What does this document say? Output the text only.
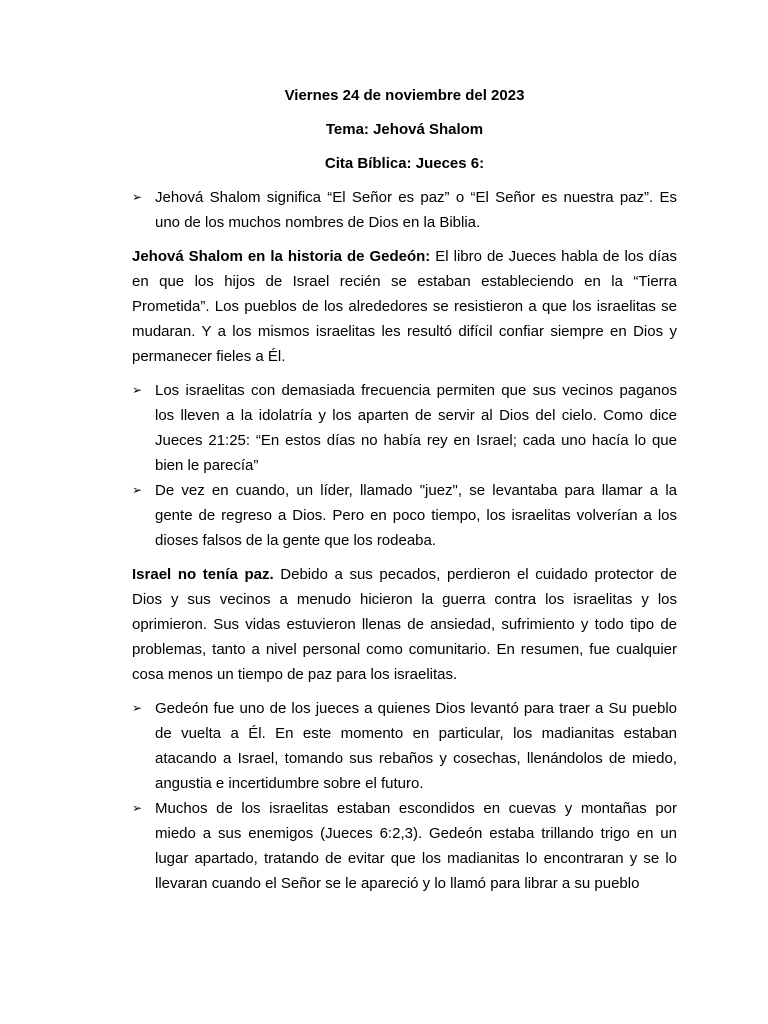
Viernes 24 de noviembre del 2023

Tema: Jehová Shalom

Cita Bíblica: Jueces 6:

➢ Jehová Shalom significa “El Señor es paz” o “El Señor es nuestra paz”. Es uno de los muchos nombres de Dios en la Biblia.

Jehová Shalom en la historia de Gedeón: El libro de Jueces habla de los días en que los hijos de Israel recién se estaban estableciendo en la “Tierra Prometida”. Los pueblos de los alrededores se resistieron a que los israelitas se mudaran. Y a los mismos israelitas les resultó difícil confiar siempre en Dios y permanecer fieles a Él.

➢ Los israelitas con demasiada frecuencia permiten que sus vecinos paganos los lleven a la idolatría y los aparten de servir al Dios del cielo. Como dice Jueces 21:25: “En estos días no había rey en Israel; cada uno hacía lo que bien le parecía”
➢ De vez en cuando, un líder, llamado "juez", se levantaba para llamar a la gente de regreso a Dios. Pero en poco tiempo, los israelitas volverían a los dioses falsos de la gente que los rodeaba.

Israel no tenía paz. Debido a sus pecados, perdieron el cuidado protector de Dios y sus vecinos a menudo hicieron la guerra contra los israelitas y los oprimieron. Sus vidas estuvieron llenas de ansiedad, sufrimiento y todo tipo de problemas, tanto a nivel personal como comunitario. En resumen, fue cualquier cosa menos un tiempo de paz para los israelitas.

➢ Gedeón fue uno de los jueces a quienes Dios levantó para traer a Su pueblo de vuelta a Él. En este momento en particular, los madianitas estaban atacando a Israel, tomando sus rebaños y cosechas, llenándolos de miedo, angustia e incertidumbre sobre el futuro.
➢ Muchos de los israelitas estaban escondidos en cuevas y montañas por miedo a sus enemigos (Jueces 6:2,3). Gedeón estaba trillando trigo en un lugar apartado, tratando de evitar que los madianitas lo encontraran y se lo llevaran cuando el Señor se le apareció y lo llamó para librar a su pueblo
